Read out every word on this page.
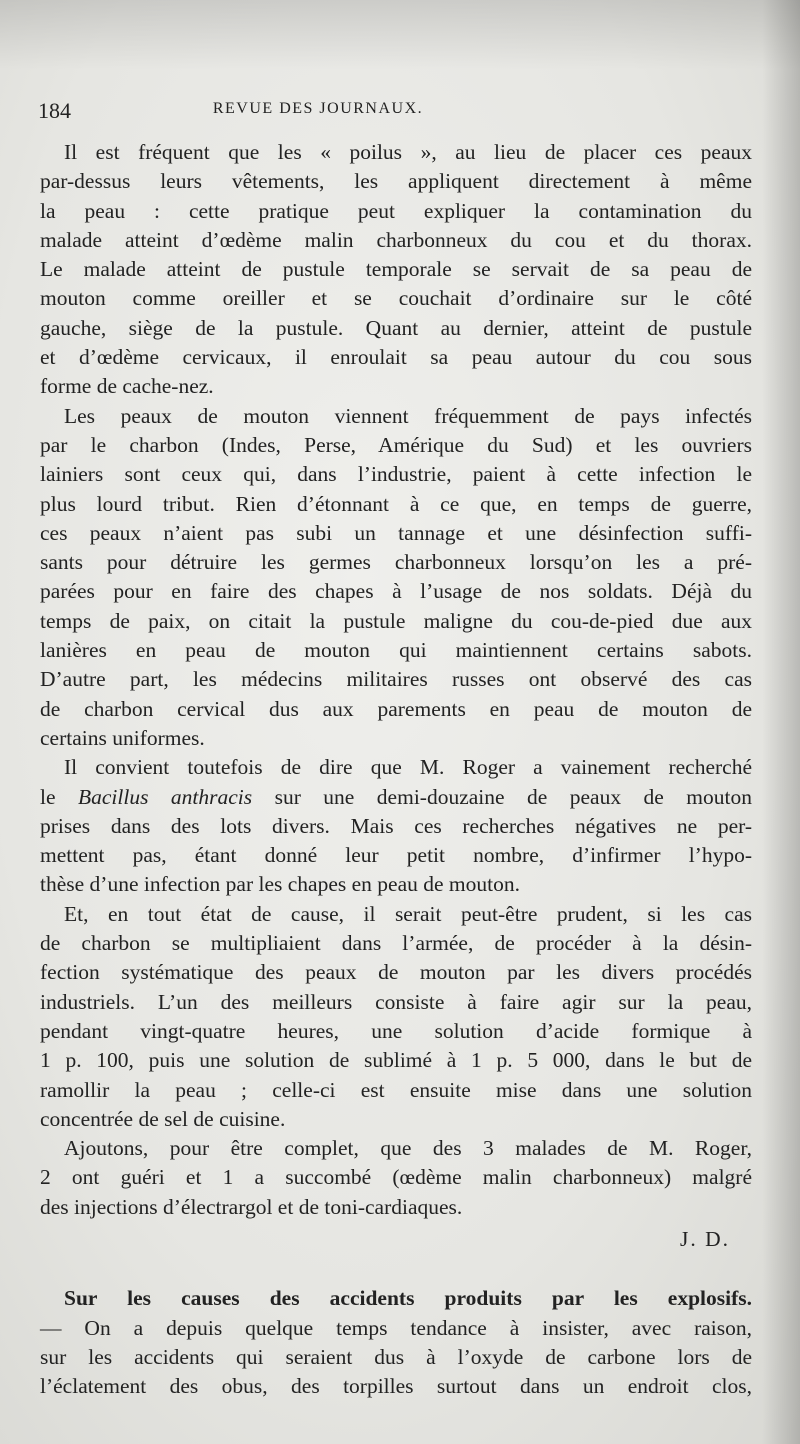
184	REVUE DES JOURNAUX.
Il est fréquent que les « poilus », au lieu de placer ces peaux
par-dessus leurs vêtements, les appliquent directement à même
la peau : cette pratique peut expliquer la contamination du
malade atteint d’œdème malin charbonneux du cou et du thorax.
Le malade atteint de pustule temporale se servait de sa peau de
mouton comme oreiller et se couchait d’ordinaire sur le côté
gauche, siège de la pustule. Quant au dernier, atteint de pustule
et d’œdème cervicaux, il enroulait sa peau autour du cou sous
forme de cache-nez.
Les peaux de mouton viennent fréquemment de pays infectés
par le charbon (Indes, Perse, Amérique du Sud) et les ouvriers
lainiers sont ceux qui, dans l’industrie, paient à cette infection le
plus lourd tribut. Rien d’étonnant à ce que, en temps de guerre,
ces peaux n’aient pas subi un tannage et une désinfection suffi-
sants pour détruire les germes charbonneux lorsqu’on les a pré-
parées pour en faire des chapes à l’usage de nos soldats. Déjà du
temps de paix, on citait la pustule maligne du cou-de-pied due aux
lanières en peau de mouton qui maintiennent certains sabots.
D’autre part, les médecins militaires russes ont observé des cas
de charbon cervical dus aux parements en peau de mouton de
certains uniformes.
Il convient toutefois de dire que M. Roger a vainement recherché
le Bacillus anthracis sur une demi-douzaine de peaux de mouton
prises dans des lots divers. Mais ces recherches négatives ne per-
mettent pas, étant donné leur petit nombre, d’infirmer l’hypo-
thèse d’une infection par les chapes en peau de mouton.
Et, en tout état de cause, il serait peut-être prudent, si les cas
de charbon se multipliaient dans l’armée, de procéder à la désin-
fection systématique des peaux de mouton par les divers procédés
industriels. L’un des meilleurs consiste à faire agir sur la peau,
pendant vingt-quatre heures, une solution d’acide formique à
1 p. 100, puis une solution de sublimé à 1 p. 5 000, dans le but de
ramollir la peau ; celle-ci est ensuite mise dans une solution
concentrée de sel de cuisine.
Ajoutons, pour être complet, que des 3 malades de M. Roger,
2 ont guéri et 1 a succombé (œdème malin charbonneux) malgré
des injections d’électrargol et de toni-cardiaques.
J. D.
Sur les causes des accidents produits par les explosifs.
— On a depuis quelque temps tendance à insister, avec raison,
sur les accidents qui seraient dus à l’oxyde de carbone lors de
l’éclatement des obus, des torpilles surtout dans un endroit clos,
